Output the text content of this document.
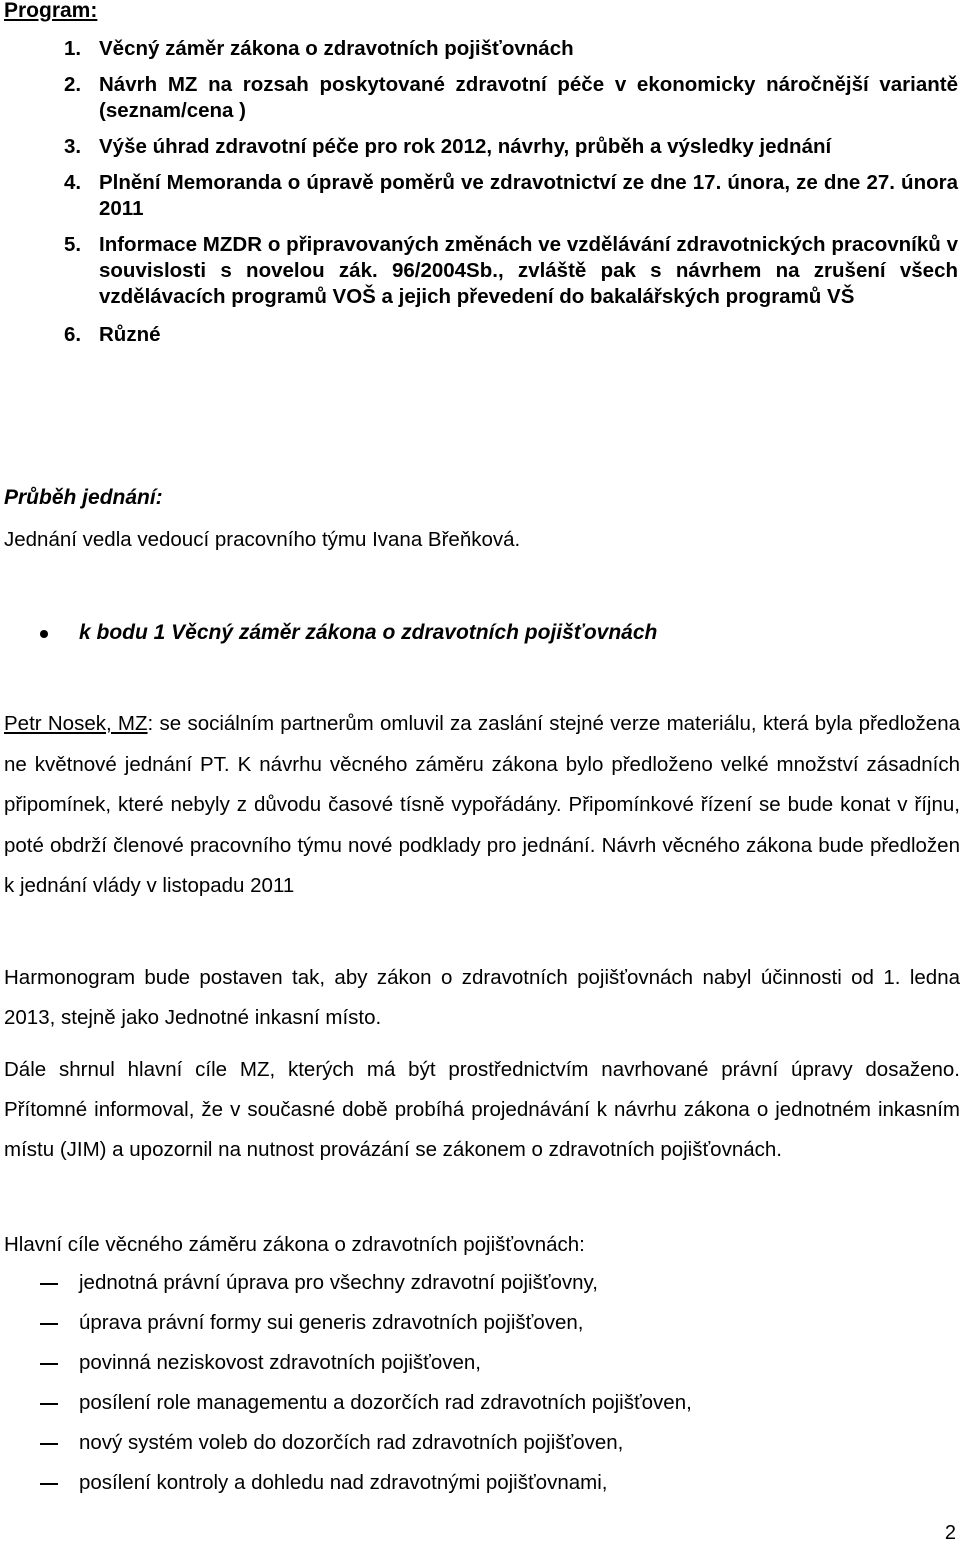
Program:
1. Věcný záměr zákona o zdravotních pojišťovnách
2. Návrh MZ na rozsah poskytované zdravotní péče v ekonomicky náročnější variantě (seznam/cena )
3. Výše úhrad zdravotní péče pro rok 2012, návrhy, průběh a výsledky jednání
4. Plnění Memoranda o úpravě poměrů ve zdravotnictví ze dne 17. února, ze dne 27. února 2011
5. Informace MZDR o připravovaných změnách ve vzdělávání zdravotnických pracovníků v souvislosti s novelou zák. 96/2004Sb., zvláště pak s návrhem na zrušení všech vzdělávacích programů VOŠ a jejich převedení do bakalářských programů VŠ
6. Různé
Průběh jednání:
Jednání vedla vedoucí pracovního týmu Ivana Břeňková.
k bodu 1 Věcný záměr zákona o zdravotních pojišťovnách

Petr Nosek, MZ: se sociálním partnerům omluvil za zaslání stejné verze materiálu, která byla předložena ne květnové jednání PT. K návrhu věcného záměru zákona bylo předloženo velké množství zásadních připomínek, které nebyly z důvodu časové tísně vypořádány. Připomínkové řízení se bude konat v říjnu, poté obdrží členové pracovního týmu nové podklady pro jednání. Návrh věcného zákona bude předložen k jednání vlády v listopadu 2011

Harmonogram bude postaven tak, aby zákon o zdravotních pojišťovnách nabyl účinnosti od 1. ledna 2013, stejně jako Jednotné inkasní místo.

Dále shrnul hlavní cíle MZ, kterých má být prostřednictvím navrhované právní úpravy dosaženo. Přítomné informoval, že v současné době probíhá projednávání k návrhu zákona o jednotném inkasním místu (JIM) a upozornil na nutnost provázání se zákonem o zdravotních pojišťovnách.

Hlavní cíle věcného záměru zákona o zdravotních pojišťovnách:

jednotná právní úprava pro všechny zdravotní pojišťovny,
úprava právní formy sui generis zdravotních pojišťoven,
povinná neziskovost zdravotních pojišťoven,
posílení role managementu a dozorčích rad zdravotních pojišťoven,
nový systém voleb do dozorčích rad zdravotních pojišťoven,
posílení kontroly a dohledu nad zdravotnými pojišťovnami,
2
